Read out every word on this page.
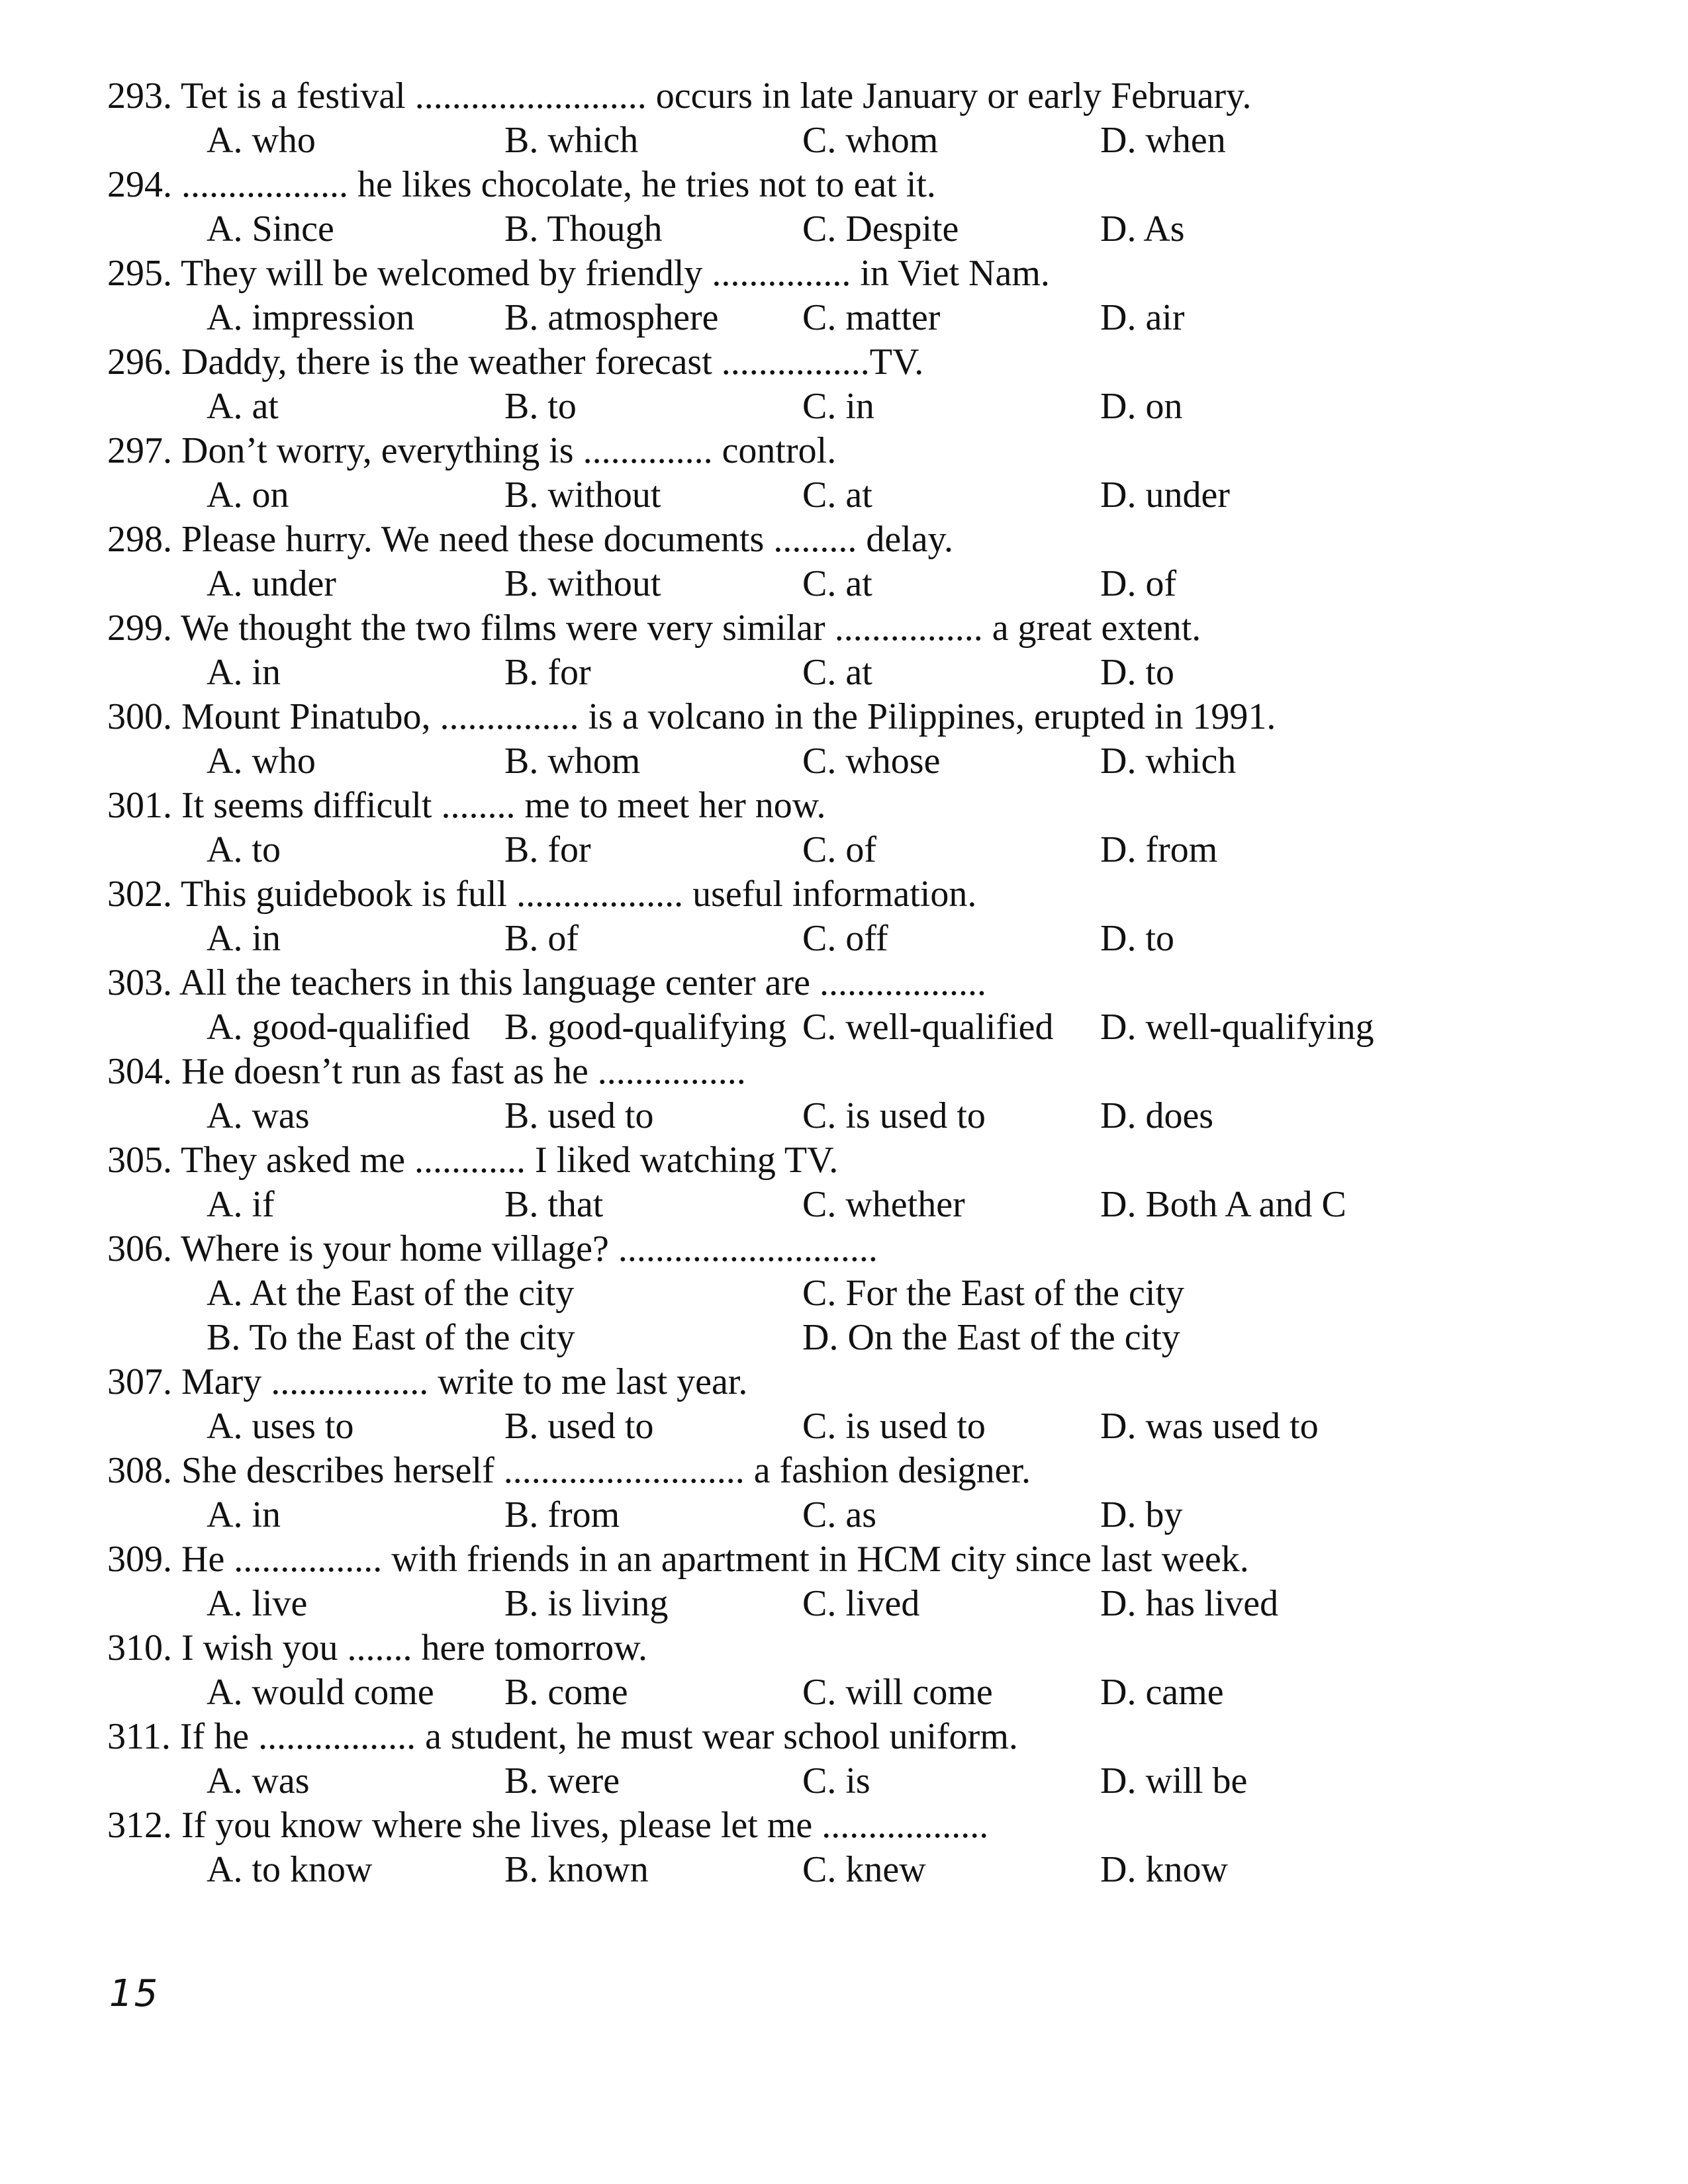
293. Tet is a festival ......................... occurs in late January or early February.
A. who	B. which	C. whom	D. when
294. .................. he likes chocolate, he tries not to eat it.
A. Since	B. Though	C. Despite	D. As
295. They will be welcomed by friendly ............... in Viet Nam.
A. impression B. atmosphere C. matter	D. air
296. Daddy, there is the weather forecast ................TV.
A. at	B. to	C. in	D. on
297. Don’t worry, everything is .............. control.
A. on	B. without	C. at	D. under
298. Please hurry. We need these documents ......... delay.
A. under	B. without	C. at	D. of
299. We thought the two films were very similar ................ a great extent.
A. in	B. for	C. at	D. to
300. Mount Pinatubo, ............... is a volcano in the Pilippines, erupted in 1991.
A. who	B. whom	C. whose	D. which
301. It seems difficult ........ me to meet her now.
A. to	B. for	C. of	D. from
302. This guidebook is full .................. useful information.
A. in	B. of	C. off	D. to
303. All the teachers in this language center are ..................
A. good-qualified B. good-qualifying C. well-qualified D. well-qualifying
304. He doesn’t run as fast as he ................
A. was	B. used to	C. is used to	D. does
305. They asked me ............ I liked watching TV.
A. if	B. that	C. whether	D. Both A and C
306. Where is your home village? ............................
A. At the East of the city	C. For the East of the city
B. To the East of the city	D. On the East of the city
307. Mary ................. write to me last year.
A. uses to	B. used to	C. is used to	D. was used to
308. She describes herself .......................... a fashion designer.
A. in	B. from	C. as	D. by
309. He ................ with friends in an apartment in HCM city since last week.
A. live	B. is living	C. lived	D. has lived
310. I wish you ....... here tomorrow.
A. would come B. come	C. will come	D. came
311. If he ................. a student, he must wear school uniform.
A. was	B. were	C. is	D. will be
312. If you know where she lives, please let me ..................
A. to know	B. known	C. knew	D. know
15
